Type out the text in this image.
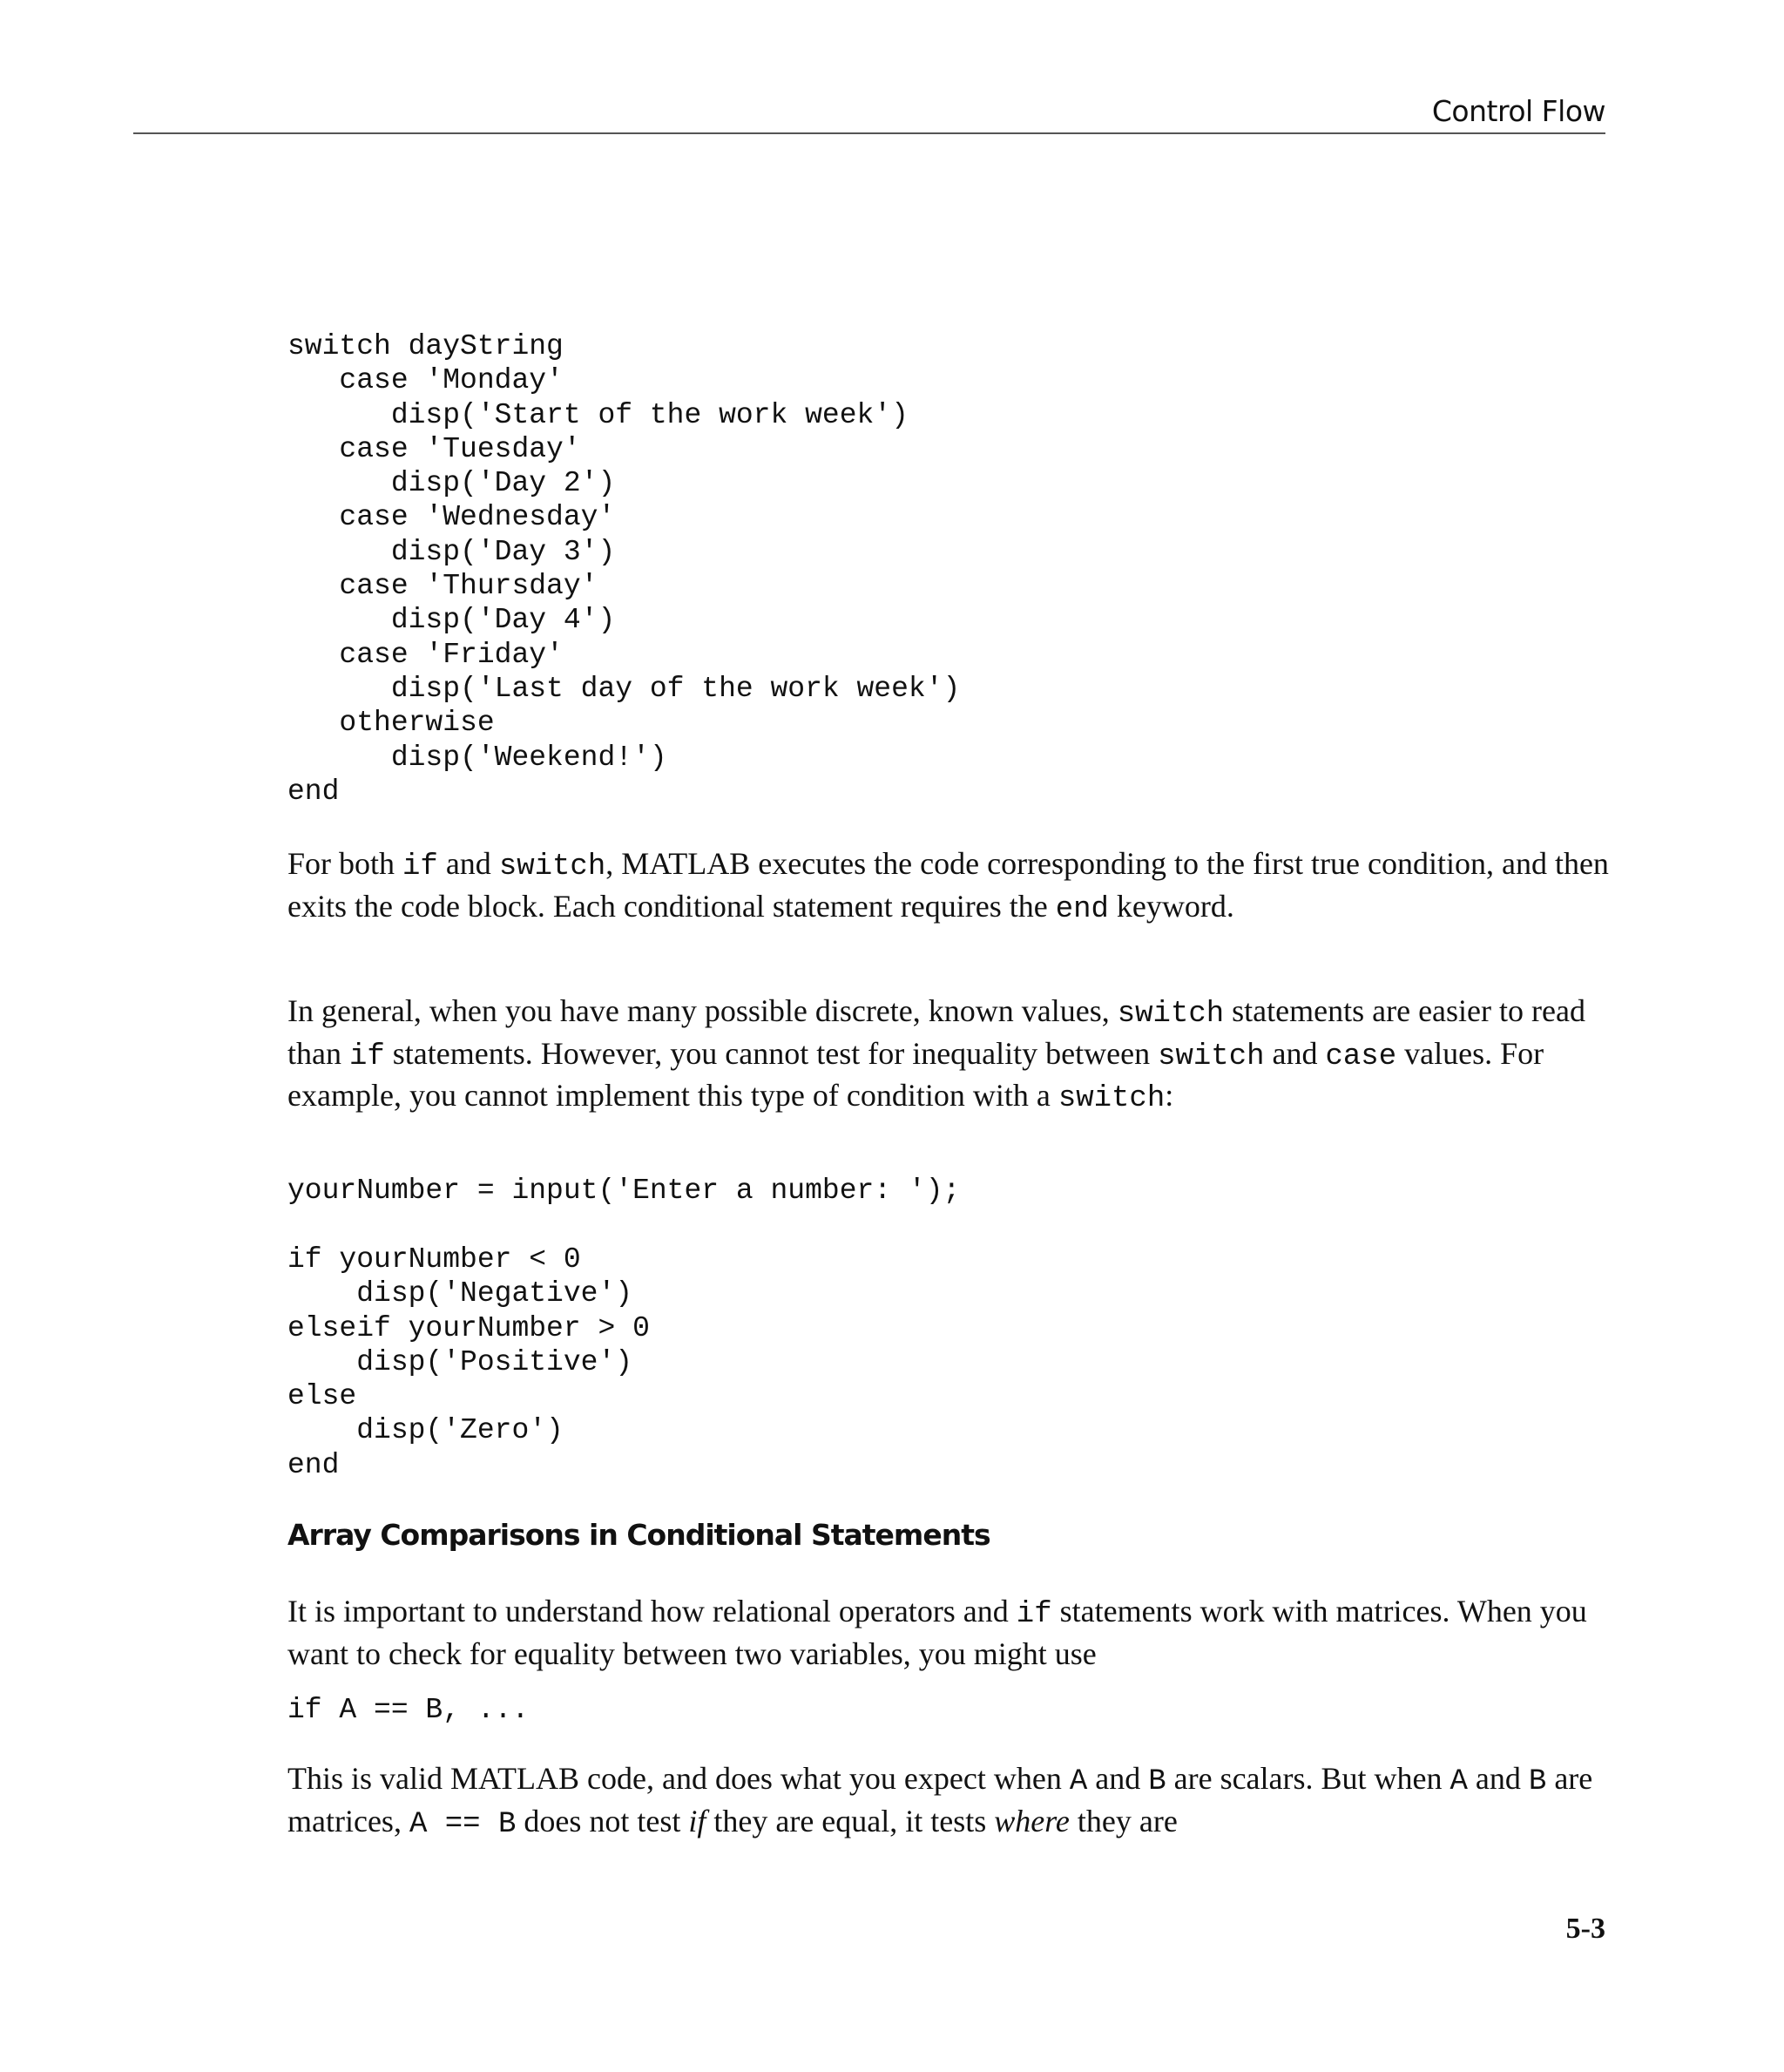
Control Flow
switch dayString
case 'Monday'
disp('Start of the work week')
case 'Tuesday'
disp('Day 2')
case 'Wednesday'
disp('Day 3')
case 'Thursday'
disp('Day 4')
case 'Friday'
disp('Last day of the work week')
otherwise
disp('Weekend!')
end

For both if and switch, MATLAB executes the code corresponding to the first true condition, and then exits the code block. Each conditional statement requires the end keyword.

In general, when you have many possible discrete, known values, switch statements are easier to read than if statements. However, you cannot test for inequality between switch and case values. For example, you cannot implement this type of condition with a switch:

yourNumber = input('Enter a number: ');
if yourNumber < 0
disp('Negative')
elseif yourNumber > 0
disp('Positive')
else
disp('Zero')
end
Array Comparisons in Conditional Statements

It is important to understand how relational operators and if statements work with matrices. When you want to check for equality between two variables, you might use

if A == B, ...

This is valid MATLAB code, and does what you expect when A and B are scalars. But when A and B are matrices, A == B does not test if they are equal, it tests where they are

5-3
